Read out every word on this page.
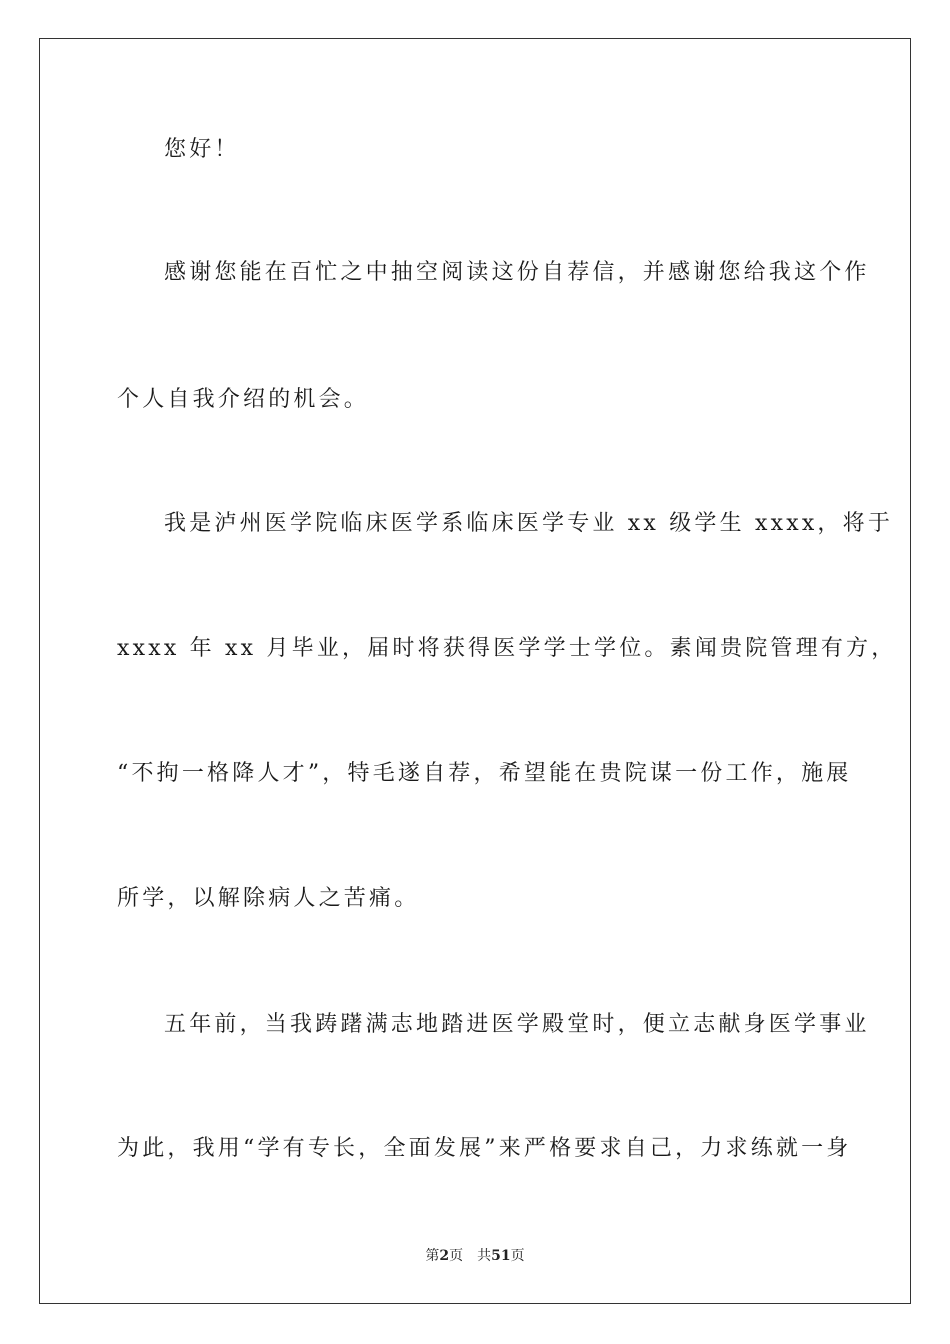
您好！
感谢您能在百忙之中抽空阅读这份自荐信，并感谢您给我这个作
个人自我介绍的机会。
我是泸州医学院临床医学系临床医学专业 xx 级学生 xxxx，将于
xxxx 年 xx 月毕业，届时将获得医学学士学位。素闻贵院管理有方，
“不拘一格降人才”，特毛遂自荐，希望能在贵院谋一份工作，施展
所学，以解除病人之苦痛。
五年前，当我踌躇满志地踏进医学殿堂时，便立志献身医学事业
为此，我用“学有专长，全面发展”来严格要求自己，力求练就一身
第2页 共51页
